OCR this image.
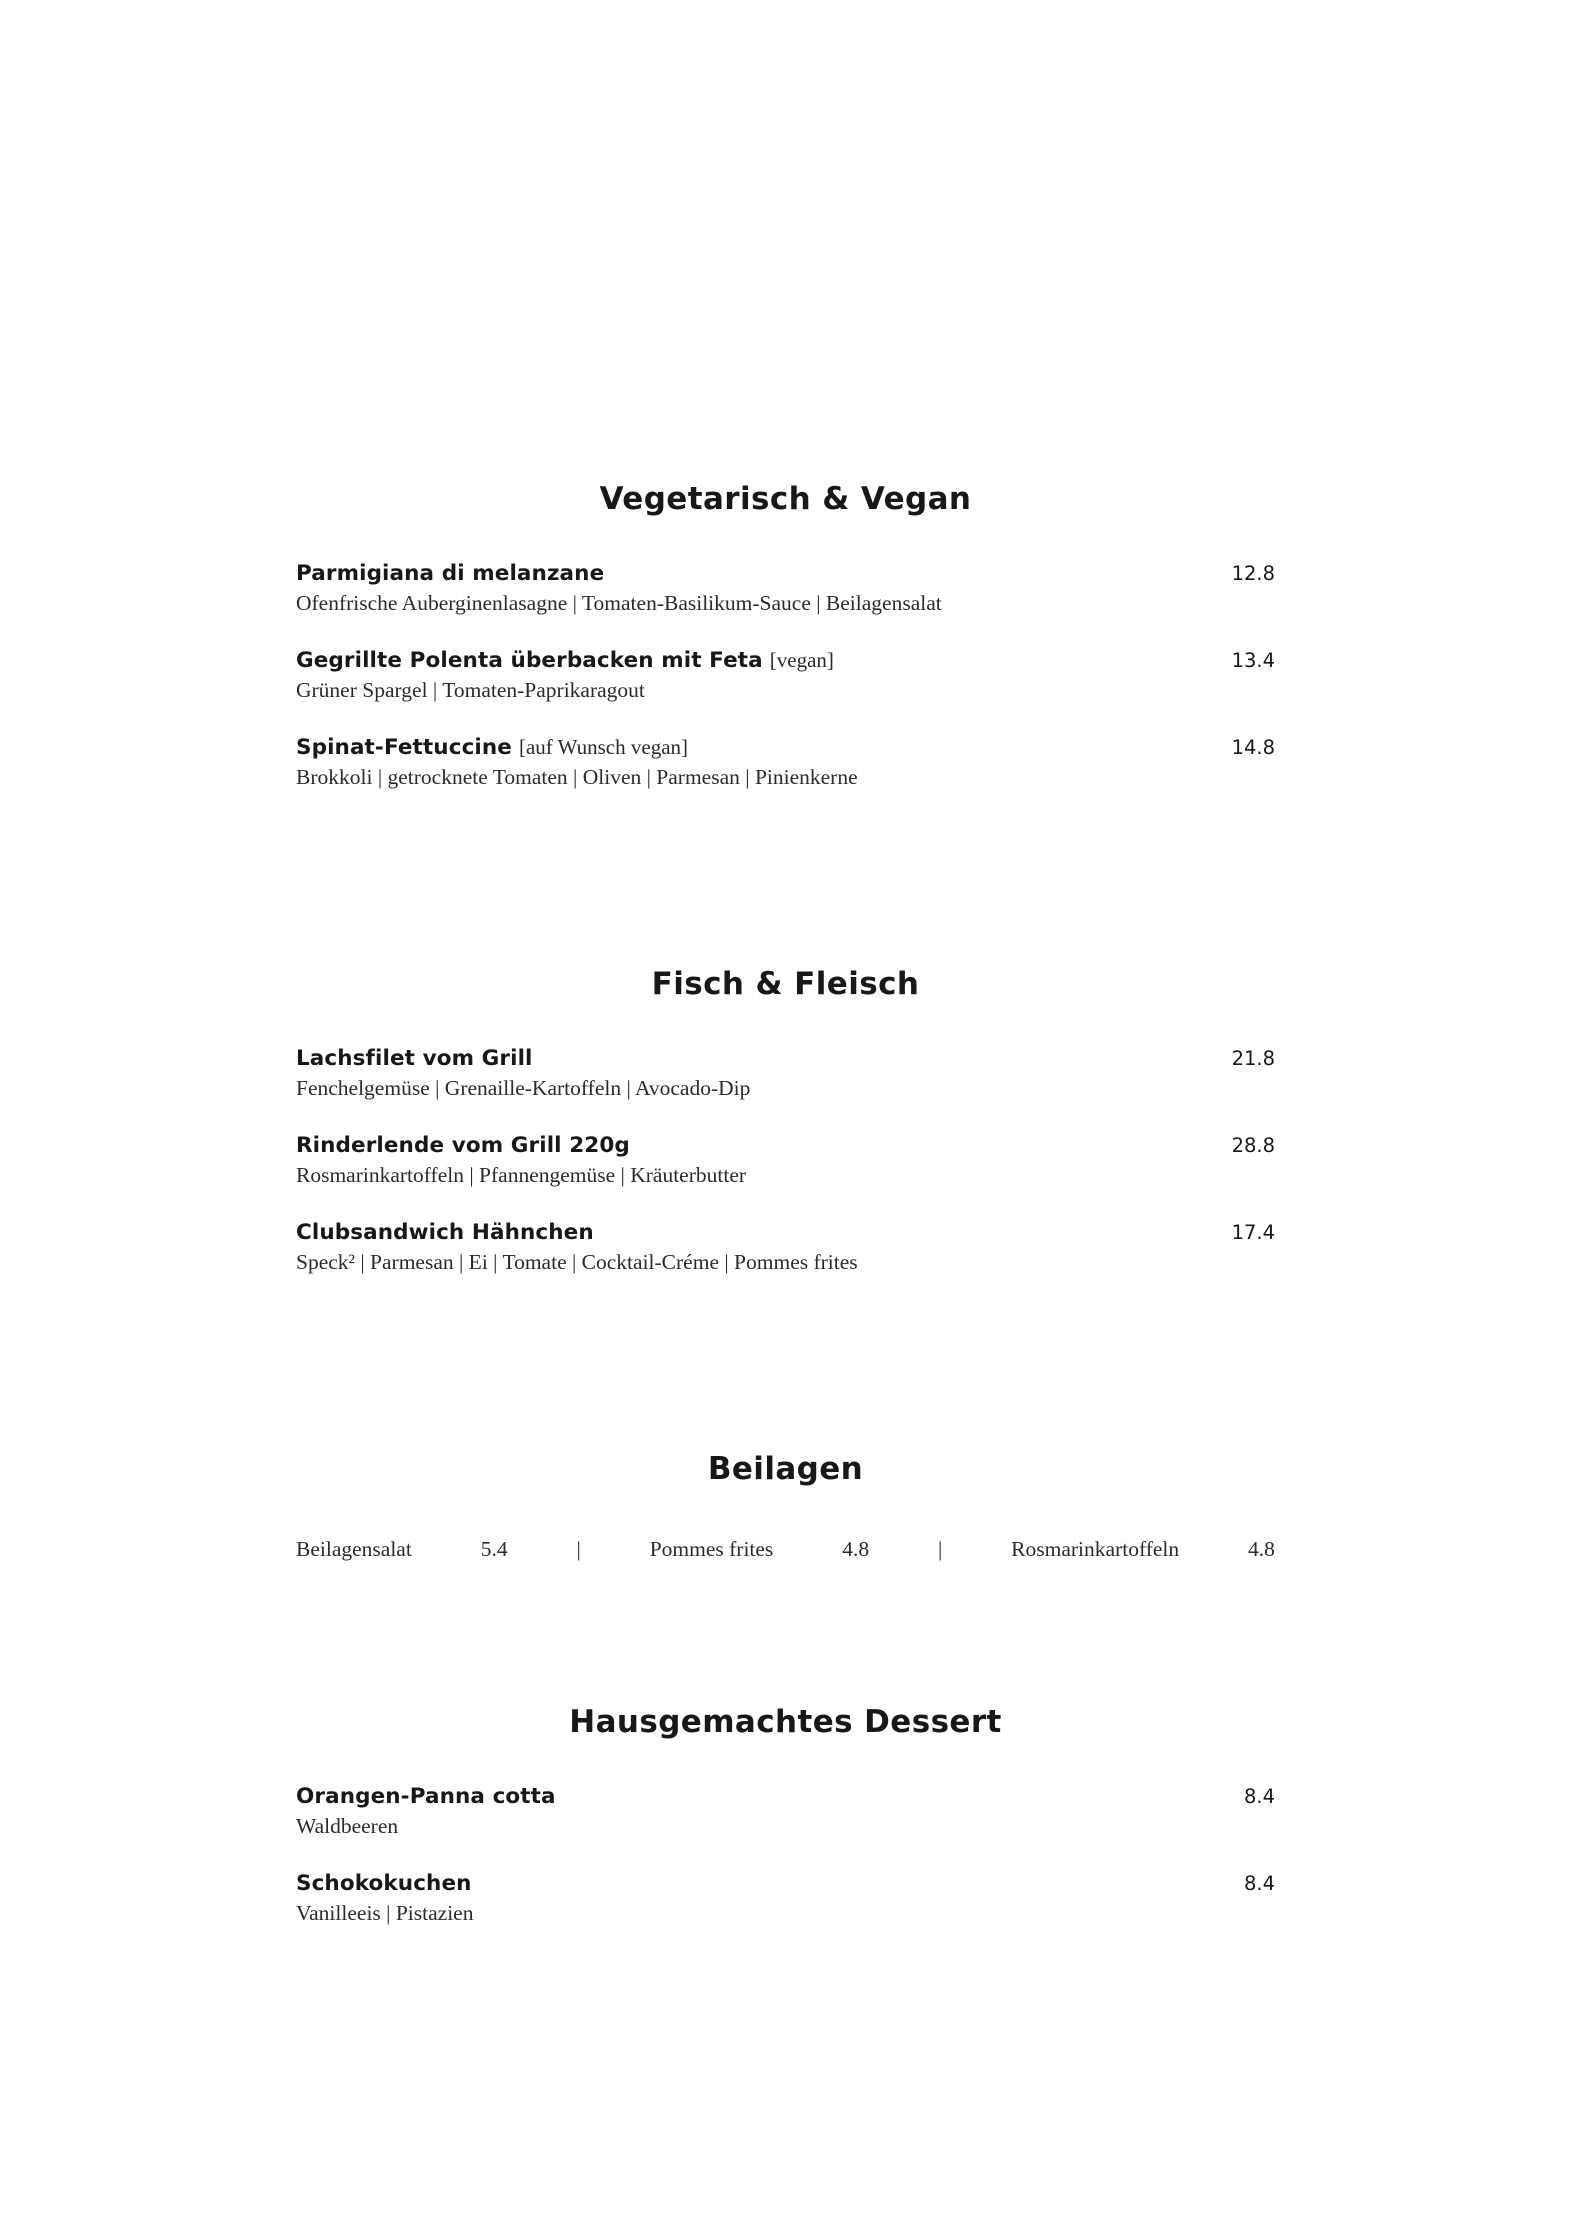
Vegetarisch & Vegan
Parmigiana di melanzane	12.8
Ofenfrische Auberginenlasagne | Tomaten-Basilikum-Sauce | Beilagensalat
Gegrillte Polenta überbacken mit Feta [vegan]	13.4
Grüner Spargel | Tomaten-Paprikaragout
Spinat-Fettuccine [auf Wunsch vegan]	14.8
Brokkoli | getrocknete Tomaten | Oliven | Parmesan | Pinienkerne
Fisch & Fleisch
Lachsfilet vom Grill	21.8
Fenchelgemüse | Grenaille-Kartoffeln | Avocado-Dip
Rinderlende vom Grill 220g	28.8
Rosmarinkartoffeln | Pfannengemüse | Kräuterbutter
Clubsandwich Hähnchen	17.4
Speck² | Parmesan | Ei | Tomate | Cocktail-Créme | Pommes frites
Beilagen
Beilagensalat	5.4	|	Pommes frites	4.8	|	Rosmarinkartoffeln	4.8
Hausgemachtes Dessert
Orangen-Panna cotta	8.4
Waldbeeren
Schokokuchen	8.4
Vanilleeis | Pistazien
